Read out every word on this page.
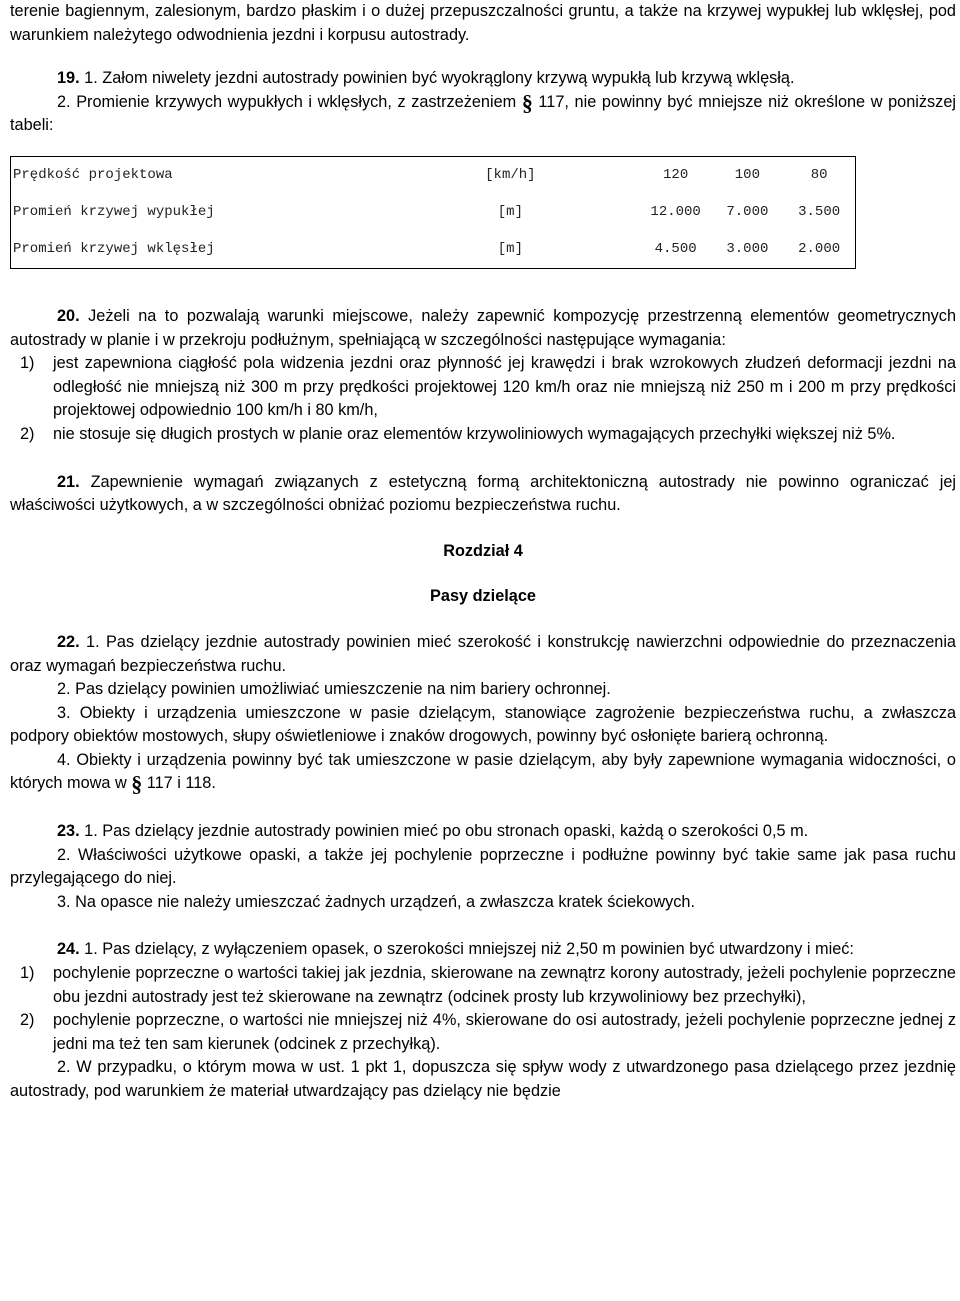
terenie bagiennym, zalesionym, bardzo płaskim i o dużej przepuszczalności gruntu, a także na krzywej wypukłej lub wklęsłej, pod warunkiem należytego odwodnienia jezdni i korpusu autostrady.

19. 1. Załom niwelety jezdni autostrady powinien być wyokrąglony krzywą wypukłą lub krzywą wklęsłą.

2. Promienie krzywych wypukłych i wklęsłych, z zastrzeżeniem § 117, nie powinny być mniejsze niż określone w poniższej tabeli:

Prędkość projektowa	[km/h]	120	100	80
Promień krzywej wypukłej	[m]	12.000	7.000	3.500
Promień krzywej wklęsłej	[m]	4.500	3.000	2.000

20. Jeżeli na to pozwalają warunki miejscowe, należy zapewnić kompozycję przestrzenną elementów geometrycznych autostrady w planie i w przekroju podłużnym, spełniającą w szczególności następujące wymagania:

1) jest zapewniona ciągłość pola widzenia jezdni oraz płynność jej krawędzi i brak wzrokowych złudzeń deformacji jezdni na odległość nie mniejszą niż 300 m przy prędkości projektowej 120 km/h oraz nie mniejszą niż 250 m i 200 m przy prędkości projektowej odpowiednio 100 km/h i 80 km/h,
2) nie stosuje się długich prostych w planie oraz elementów krzywoliniowych wymagających przechyłki większej niż 5%.

21. Zapewnienie wymagań związanych z estetyczną formą architektoniczną autostrady nie powinno ograniczać jej właściwości użytkowych, a w szczególności obniżać poziomu bezpieczeństwa ruchu.

Rozdział 4
Pasy dzielące

22. 1. Pas dzielący jezdnie autostrady powinien mieć szerokość i konstrukcję nawierzchni odpowiednie do przeznaczenia oraz wymagań bezpieczeństwa ruchu.

2. Pas dzielący powinien umożliwiać umieszczenie na nim bariery ochronnej.

3. Obiekty i urządzenia umieszczone w pasie dzielącym, stanowiące zagrożenie bezpieczeństwa ruchu, a zwłaszcza podpory obiektów mostowych, słupy oświetleniowe i znaków drogowych, powinny być osłonięte barierą ochronną.

4. Obiekty i urządzenia powinny być tak umieszczone w pasie dzielącym, aby były zapewnione wymagania widoczności, o których mowa w § 117 i 118.

23. 1. Pas dzielący jezdnie autostrady powinien mieć po obu stronach opaski, każdą o szerokości 0,5 m.

2. Właściwości użytkowe opaski, a także jej pochylenie poprzeczne i podłużne powinny być takie same jak pasa ruchu przylegającego do niej.

3. Na opasce nie należy umieszczać żadnych urządzeń, a zwłaszcza kratek ściekowych.

24. 1. Pas dzielący, z wyłączeniem opasek, o szerokości mniejszej niż 2,50 m powinien być utwardzony i mieć:

1) pochylenie poprzeczne o wartości takiej jak jezdnia, skierowane na zewnątrz korony autostrady, jeżeli pochylenie poprzeczne obu jezdni autostrady jest też skierowane na zewnątrz (odcinek prosty lub krzywoliniowy bez przechyłki),
2) pochylenie poprzeczne, o wartości nie mniejszej niż 4%, skierowane do osi autostrady, jeżeli pochylenie poprzeczne jednej z jedni ma też ten sam kierunek (odcinek z przechyłką).

2. W przypadku, o którym mowa w ust. 1 pkt 1, dopuszcza się spływ wody z utwardzonego pasa dzielącego przez jezdnię autostrady, pod warunkiem że materiał utwardzający pas dzielący nie będzie
